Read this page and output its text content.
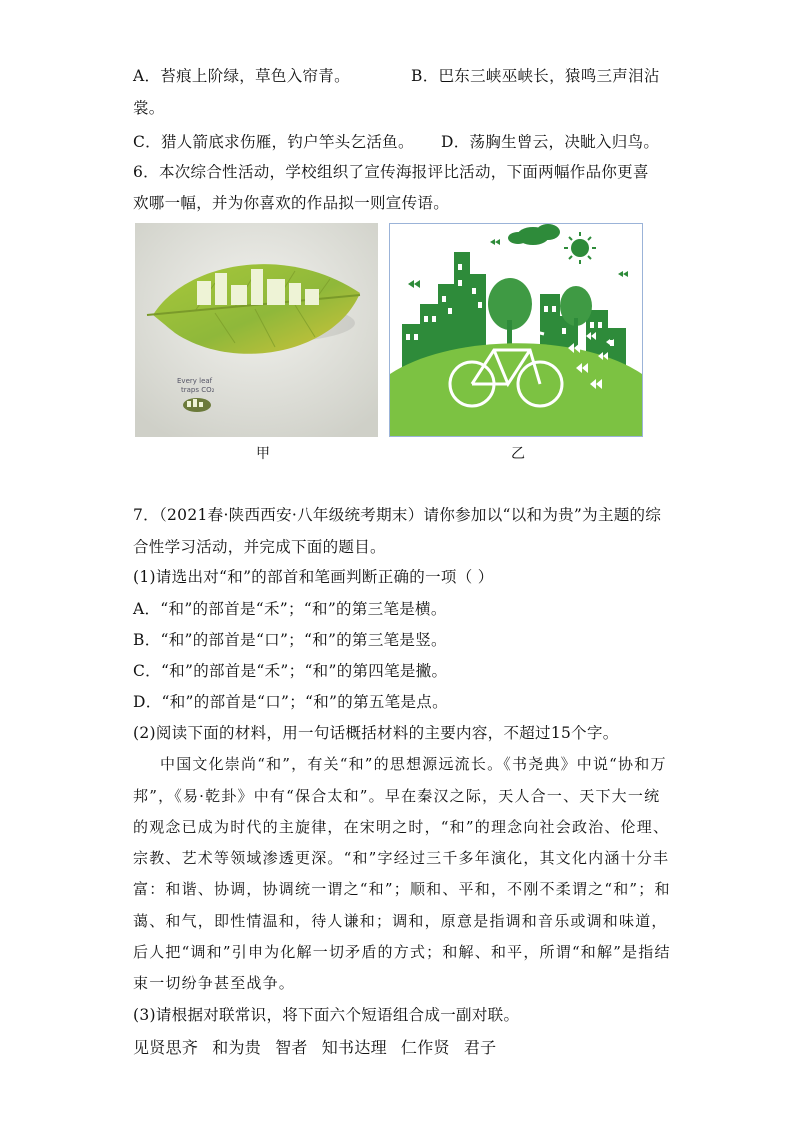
A．苔痕上阶绿，草色入帘青。	B．巴东三峡巫峡长，猿鸣三声泪沾
裳。
C．猎人箭底求伤雁，钓户竿头乞活鱼。 D．荡胸生曾云，决眦入归鸟。
6．本次综合性活动，学校组织了宣传海报评比活动，下面两幅作品你更喜
欢哪一幅，并为你喜欢的作品拟一则宣传语。
Every leaf
traps CO₂
甲	乙
7．（2021春·陕西西安·八年级统考期末）请你参加以“以和为贵”为主题的综
合性学习活动，并完成下面的题目。
(1)请选出对“和”的部首和笔画判断正确的一项（ ）
A．“和”的部首是“禾”；“和”的第三笔是横。
B．“和”的部首是“口”；“和”的第三笔是竖。
C．“和”的部首是“禾”；“和”的第四笔是撇。
D．“和”的部首是“口”；“和”的第五笔是点。
(2)阅读下面的材料，用一句话概括材料的主要内容，不超过15个字。
中国文化崇尚“和”，有关“和”的思想源远流长。《书尧典》中说“协和万
邦”，《易·乾卦》中有“保合太和”。早在秦汉之际，天人合一、天下大一统
的观念已成为时代的主旋律，在宋明之时，“和”的理念向社会政治、伦理、
宗教、艺术等领域渗透更深。“和”字经过三千多年演化，其文化内涵十分丰
富：和谐、协调，协调统一谓之“和”；顺和、平和，不刚不柔谓之“和”；和
蔼、和气，即性情温和，待人谦和；调和，原意是指调和音乐或调和味道，
后人把“调和”引申为化解一切矛盾的方式；和解、和平，所谓“和解”是指结
束一切纷争甚至战争。
(3)请根据对联常识，将下面六个短语组合成一副对联。
见贤思齐 和为贵 智者 知书达理 仁作贤 君子
